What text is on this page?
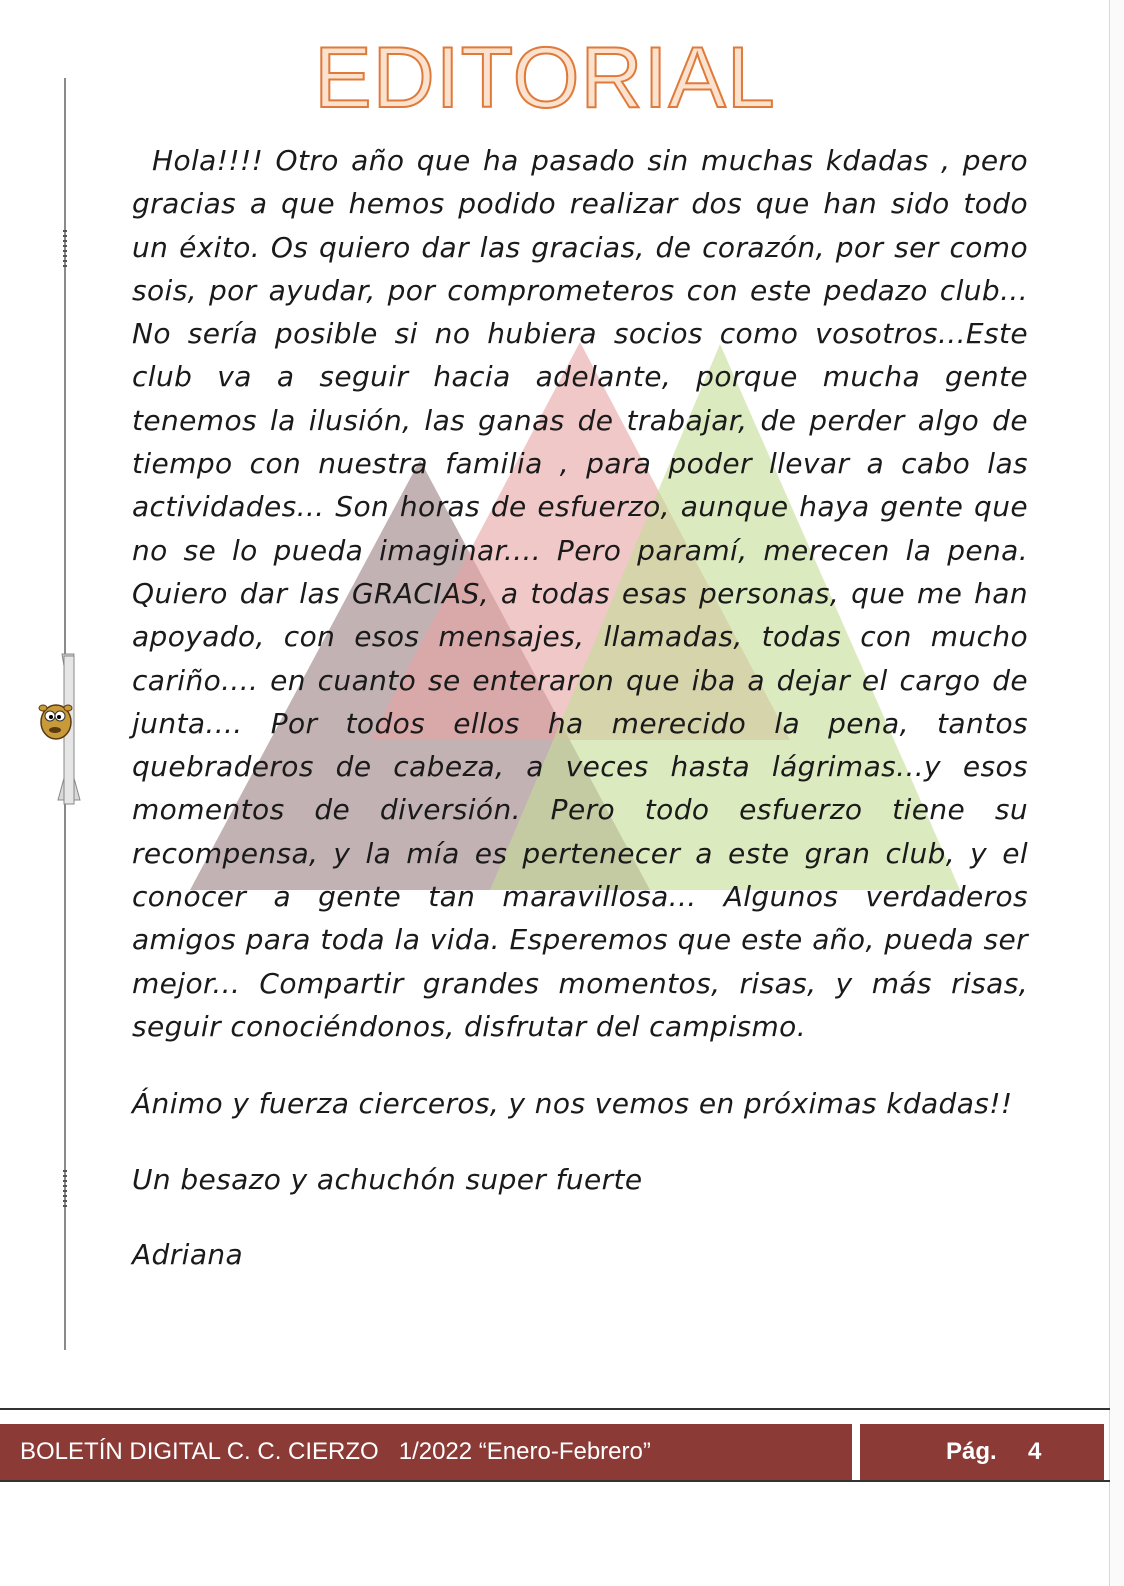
EDITORIAL

Hola!!!! Otro año que ha pasado sin muchas kdadas , pero gracias a que hemos podido realizar dos que han sido todo un éxito. Os quiero dar las gracias, de corazón, por ser como sois, por ayudar, por comprometeros con este pedazo club... No sería posible si no hubiera socios como vosotros...Este club va a seguir hacia adelante, porque mucha gente tenemos la ilusión, las ganas de trabajar, de perder algo de tiempo con nuestra familia , para poder llevar a cabo las actividades... Son horas de esfuerzo, aunque haya gente que no se lo pueda imaginar.... Pero paramí, merecen la pena. Quiero dar las GRACIAS, a todas esas personas, que me han apoyado, con esos mensajes, llamadas, todas con mucho cariño.... en cuanto se enteraron que iba a dejar el cargo de junta.... Por todos ellos ha merecido la pena, tantos quebraderos de cabeza, a veces hasta lágrimas...y esos momentos de diversión. Pero todo esfuerzo tiene su recompensa, y la mía es pertenecer a este gran club, y el conocer a gente tan maravillosa... Algunos verdaderos amigos para toda la vida. Esperemos que este año, pueda ser mejor... Compartir grandes momentos, risas, y más risas, seguir conociéndonos, disfrutar del campismo.

Ánimo y fuerza cierceros, y nos vemos en próximas kdadas!!

Un besazo y achuchón super fuerte

Adriana

BOLETÍN DIGITAL C. C. CIERZO   1/2022 “Enero-Febrero”	Pág. 4
